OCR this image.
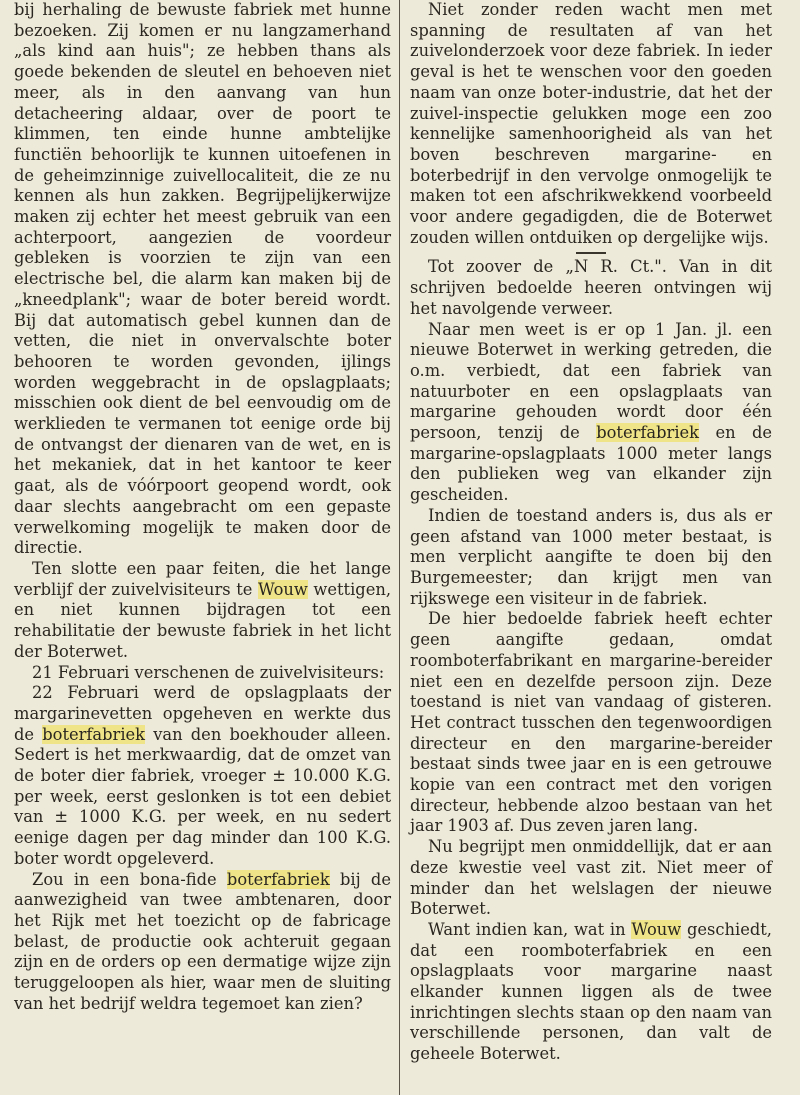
bij herhaling de bewuste fabriek met hunne bezoeken. Zij komen er nu langzamerhand „als kind aan huis"; ze hebben thans als goede bekenden de sleutel en behoeven niet meer, als in den aanvang van hun detacheering aldaar, over de poort te klimmen, ten einde hunne ambtelijke functiën behoorlijk te kunnen uitoefenen in de geheimzinnige zuivellocaliteit, die ze nu kennen als hun zakken. Begrijpelijkerwijze maken zij echter het meest gebruik van een achterpoort, aangezien de voordeur gebleken is voorzien te zijn van een electrische bel, die alarm kan maken bij de „kneedplank"; waar de boter bereid wordt. Bij dat automatisch gebel kunnen dan de vetten, die niet in onvervalschte boter behooren te worden gevonden, ijlings worden weggebracht in de opslagplaats; misschien ook dient de bel eenvoudig om de werklieden te vermanen tot eenige orde bij de ontvangst der dienaren van de wet, en is het mekaniek, dat in het kantoor te keer gaat, als de vóórpoort geopend wordt, ook daar slechts aangebracht om een gepaste verwelkoming mogelijk te maken door de directie.

Ten slotte een paar feiten, die het lange verblijf der zuivelvisiteurs te Wouw wettigen, en niet kunnen bijdragen tot een rehabilitatie der bewuste fabriek in het licht der Boterwet.

21 Februari verschenen de zuivelvisiteurs:

22 Februari werd de opslagplaats der margarinevetten opgeheven en werkte dus de boterfabriek van den boekhouder alleen. Sedert is het merkwaardig, dat de omzet van de boter dier fabriek, vroeger ± 10.000 K.G. per week, eerst geslonken is tot een debiet van ± 1000 K.G. per week, en nu sedert eenige dagen per dag minder dan 100 K.G. boter wordt opgeleverd.

Zou in een bona-fide boterfabriek bij de aanwezigheid van twee ambtenaren, door het Rijk met het toezicht op de fabricage belast, de productie ook achteruit gegaan zijn en de orders op een dermatige wijze zijn teruggeloopen als hier, waar men de sluiting van het bedrijf weldra tegemoet kan zien?

Niet zonder reden wacht men met spanning de resultaten af van het zuivelonderzoek voor deze fabriek. In ieder geval is het te wenschen voor den goeden naam van onze boter-industrie, dat het der zuivel-inspectie gelukken moge een zoo kennelijke samenhoorigheid als van het boven beschreven margarine- en boterbedrijf in den vervolge onmogelijk te maken tot een afschrikwekkend voorbeeld voor andere gegadigden, die de Boterwet zouden willen ontduiken op dergelijke wijs.

Tot zoover de „N R. Ct.". Van in dit schrijven bedoelde heeren ontvingen wij het navolgende verweer.

Naar men weet is er op 1 Jan. jl. een nieuwe Boterwet in werking getreden, die o.m. verbiedt, dat een fabriek van natuurboter en een opslagplaats van margarine gehouden wordt door één persoon, tenzij de boterfabriek en de margarine-opslagplaats 1000 meter langs den publieken weg van elkander zijn gescheiden.

Indien de toestand anders is, dus als er geen afstand van 1000 meter bestaat, is men verplicht aangifte te doen bij den Burgemeester; dan krijgt men van rijkswege een visiteur in de fabriek.

De hier bedoelde fabriek heeft echter geen aangifte gedaan, omdat roomboterfabrikant en margarine-bereider niet een en dezelfde persoon zijn. Deze toestand is niet van vandaag of gisteren. Het contract tusschen den tegenwoordigen directeur en den margarine-bereider bestaat sinds twee jaar en is een getrouwe kopie van een contract met den vorigen directeur, hebbende alzoo bestaan van het jaar 1903 af. Dus zeven jaren lang.

Nu begrijpt men onmiddellijk, dat er aan deze kwestie veel vast zit. Niet meer of minder dan het welslagen der nieuwe Boterwet.

Want indien kan, wat in Wouw geschiedt, dat een roomboterfabriek en een opslagplaats voor margarine naast elkander kunnen liggen als de twee inrichtingen slechts staan op den naam van verschillende personen, dan valt de geheele Boterwet.
